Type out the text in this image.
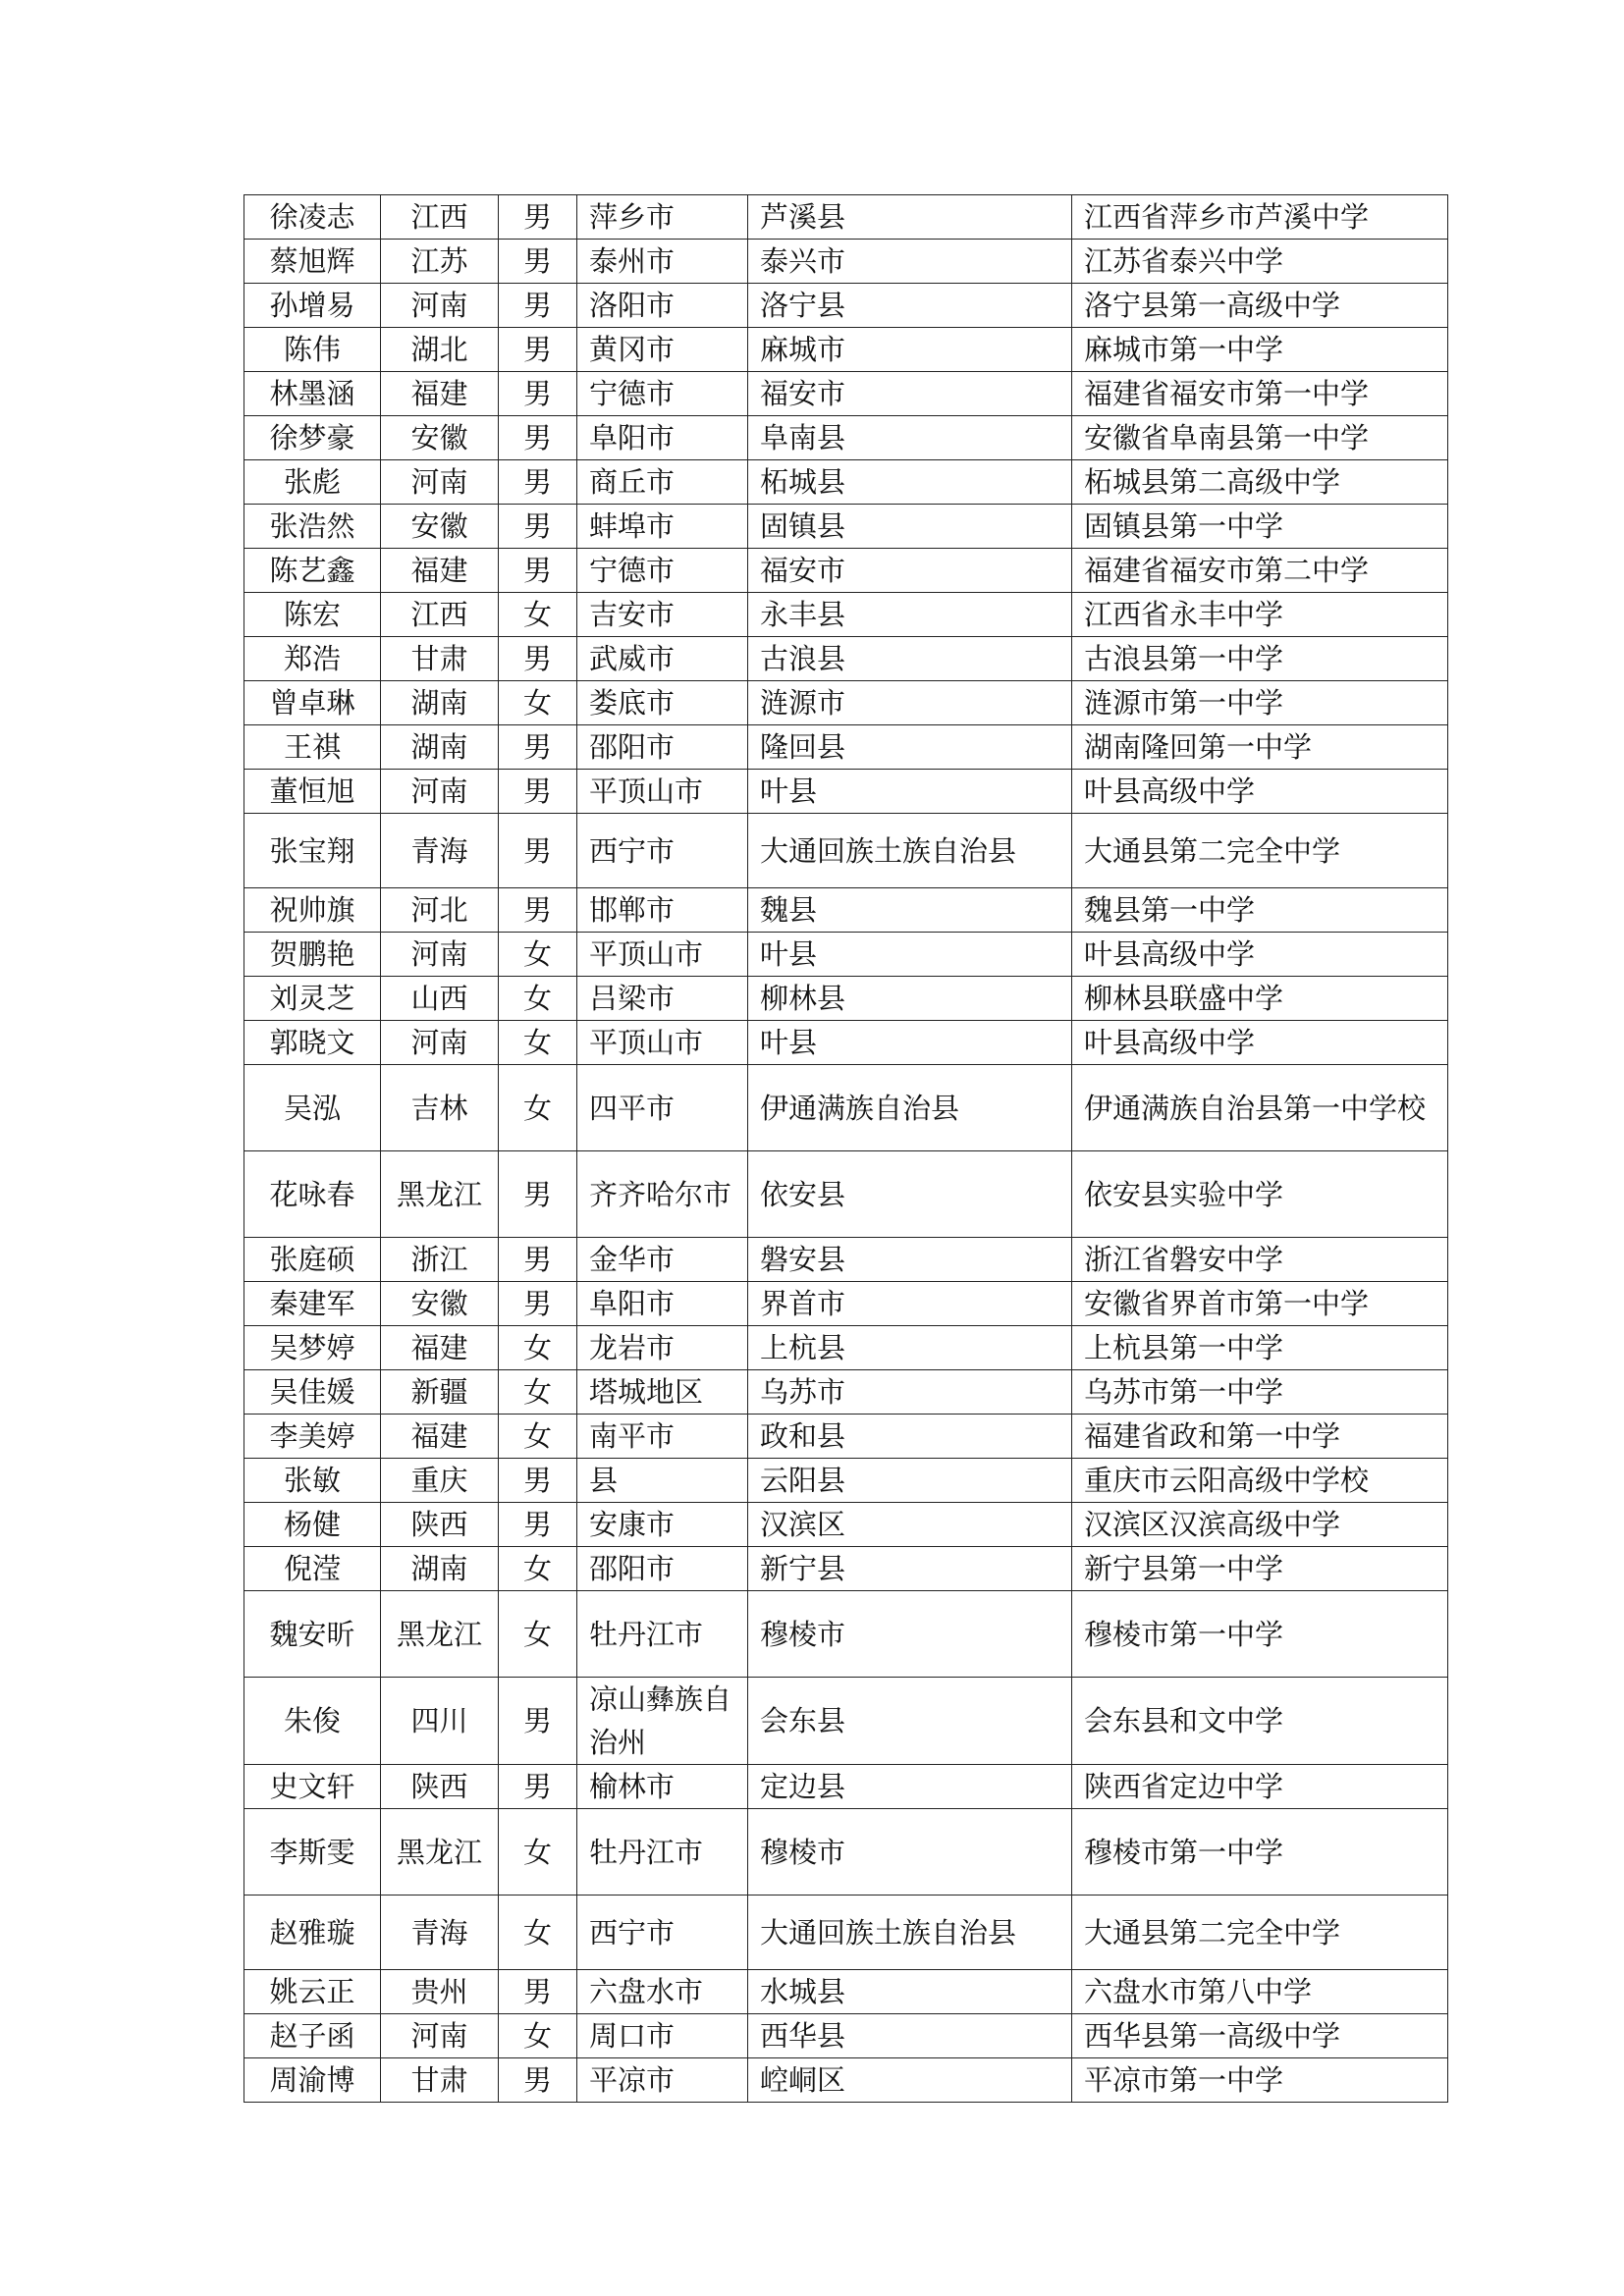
徐凌志	江西	男	萍乡市	芦溪县	江西省萍乡市芦溪中学
蔡旭辉	江苏	男	泰州市	泰兴市	江苏省泰兴中学
孙增易	河南	男	洛阳市	洛宁县	洛宁县第一高级中学
陈伟	湖北	男	黄冈市	麻城市	麻城市第一中学
林墨涵	福建	男	宁德市	福安市	福建省福安市第一中学
徐梦豪	安徽	男	阜阳市	阜南县	安徽省阜南县第一中学
张彪	河南	男	商丘市	柘城县	柘城县第二高级中学
张浩然	安徽	男	蚌埠市	固镇县	固镇县第一中学
陈艺鑫	福建	男	宁德市	福安市	福建省福安市第二中学
陈宏	江西	女	吉安市	永丰县	江西省永丰中学
郑浩	甘肃	男	武威市	古浪县	古浪县第一中学
曾卓琳	湖南	女	娄底市	涟源市	涟源市第一中学
王祺	湖南	男	邵阳市	隆回县	湖南隆回第一中学
董恒旭	河南	男	平顶山市	叶县	叶县高级中学
张宝翔	青海	男	西宁市	大通回族土族自治县	大通县第二完全中学
祝帅旗	河北	男	邯郸市	魏县	魏县第一中学
贺鹏艳	河南	女	平顶山市	叶县	叶县高级中学
刘灵芝	山西	女	吕梁市	柳林县	柳林县联盛中学
郭晓文	河南	女	平顶山市	叶县	叶县高级中学
吴泓	吉林	女	四平市	伊通满族自治县	伊通满族自治县第一中学校
花咏春	黑龙江	男	齐齐哈尔市	依安县	依安县实验中学
张庭硕	浙江	男	金华市	磐安县	浙江省磐安中学
秦建军	安徽	男	阜阳市	界首市	安徽省界首市第一中学
吴梦婷	福建	女	龙岩市	上杭县	上杭县第一中学
吴佳媛	新疆	女	塔城地区	乌苏市	乌苏市第一中学
李美婷	福建	女	南平市	政和县	福建省政和第一中学
张敏	重庆	男	县	云阳县	重庆市云阳高级中学校
杨健	陕西	男	安康市	汉滨区	汉滨区汉滨高级中学
倪滢	湖南	女	邵阳市	新宁县	新宁县第一中学
魏安昕	黑龙江	女	牡丹江市	穆棱市	穆棱市第一中学
朱俊	四川	男	凉山彝族自治州	会东县	会东县和文中学
史文轩	陕西	男	榆林市	定边县	陕西省定边中学
李斯雯	黑龙江	女	牡丹江市	穆棱市	穆棱市第一中学
赵雅璇	青海	女	西宁市	大通回族土族自治县	大通县第二完全中学
姚云正	贵州	男	六盘水市	水城县	六盘水市第八中学
赵子函	河南	女	周口市	西华县	西华县第一高级中学
周渝博	甘肃	男	平凉市	崆峒区	平凉市第一中学
